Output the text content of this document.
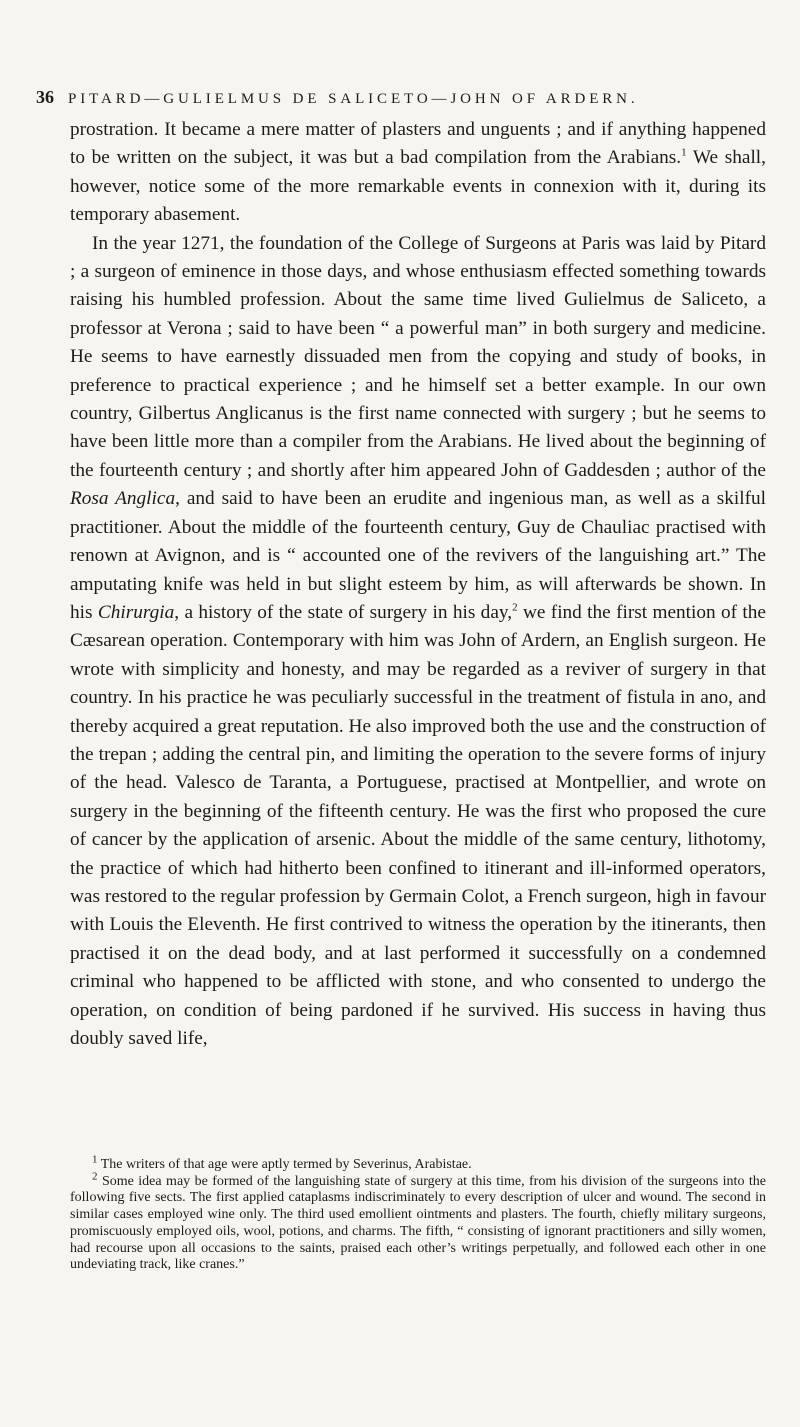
36 PITARD—GULIELMUS DE SALICETO—JOHN OF ARDERN.

prostration. It became a mere matter of plasters and unguents ; and if anything happened to be written on the subject, it was but a bad compilation from the Arabians.$^1$ We shall, however, notice some of the more remarkable events in connexion with it, during its temporary abasement.

In the year 1271, the foundation of the College of Surgeons at Paris was laid by Pitard ; a surgeon of eminence in those days, and whose enthusiasm effected something towards raising his humbled profession. About the same time lived Gulielmus de Saliceto, a professor at Verona ; said to have been “ a powerful man” in both surgery and medicine. He seems to have earnestly dissuaded men from the copying and study of books, in preference to practical experience ; and he himself set a better example. In our own country, Gilbertus Anglicanus is the first name connected with surgery ; but he seems to have been little more than a compiler from the Arabians. He lived about the beginning of the fourteenth century ; and shortly after him appeared John of Gaddesden ; author of the Rosa Anglica, and said to have been an erudite and ingenious man, as well as a skilful practitioner. About the middle of the fourteenth century, Guy de Chauliac practised with renown at Avignon, and is “ accounted one of the revivers of the languishing art.” The amputating knife was held in but slight esteem by him, as will afterwards be shown. In his Chirurgia, a history of the state of surgery in his day,$^2$ we find the first mention of the Cæsarean operation. Contemporary with him was John of Ardern, an English surgeon. He wrote with simplicity and honesty, and may be regarded as a reviver of surgery in that country. In his practice he was peculiarly successful in the treatment of fistula in ano, and thereby acquired a great reputation. He also improved both the use and the construction of the trepan ; adding the central pin, and limiting the operation to the severe forms of injury of the head. Valesco de Taranta, a Portuguese, practised at Montpellier, and wrote on surgery in the beginning of the fifteenth century. He was the first who proposed the cure of cancer by the application of arsenic. About the middle of the same century, lithotomy, the practice of which had hitherto been confined to itinerant and ill-informed operators, was restored to the regular profession by Germain Colot, a French surgeon, high in favour with Louis the Eleventh. He first contrived to witness the operation by the itinerants, then practised it on the dead body, and at last performed it successfully on a condemned criminal who happened to be afflicted with stone, and who consented to undergo the operation, on condition of being pardoned if he survived. His success in having thus doubly saved life,

$^1$ The writers of that age were aptly termed by Severinus, Arabistae.

$^2$ Some idea may be formed of the languishing state of surgery at this time, from his division of the surgeons into the following five sects. The first applied cataplasms indiscriminately to every description of ulcer and wound. The second in similar cases employed wine only. The third used emollient ointments and plasters. The fourth, chiefly military surgeons, promiscuously employed oils, wool, potions, and charms. The fifth, “ consisting of ignorant practitioners and silly women, had recourse upon all occasions to the saints, praised each other’s writings perpetually, and followed each other in one undeviating track, like cranes.”
